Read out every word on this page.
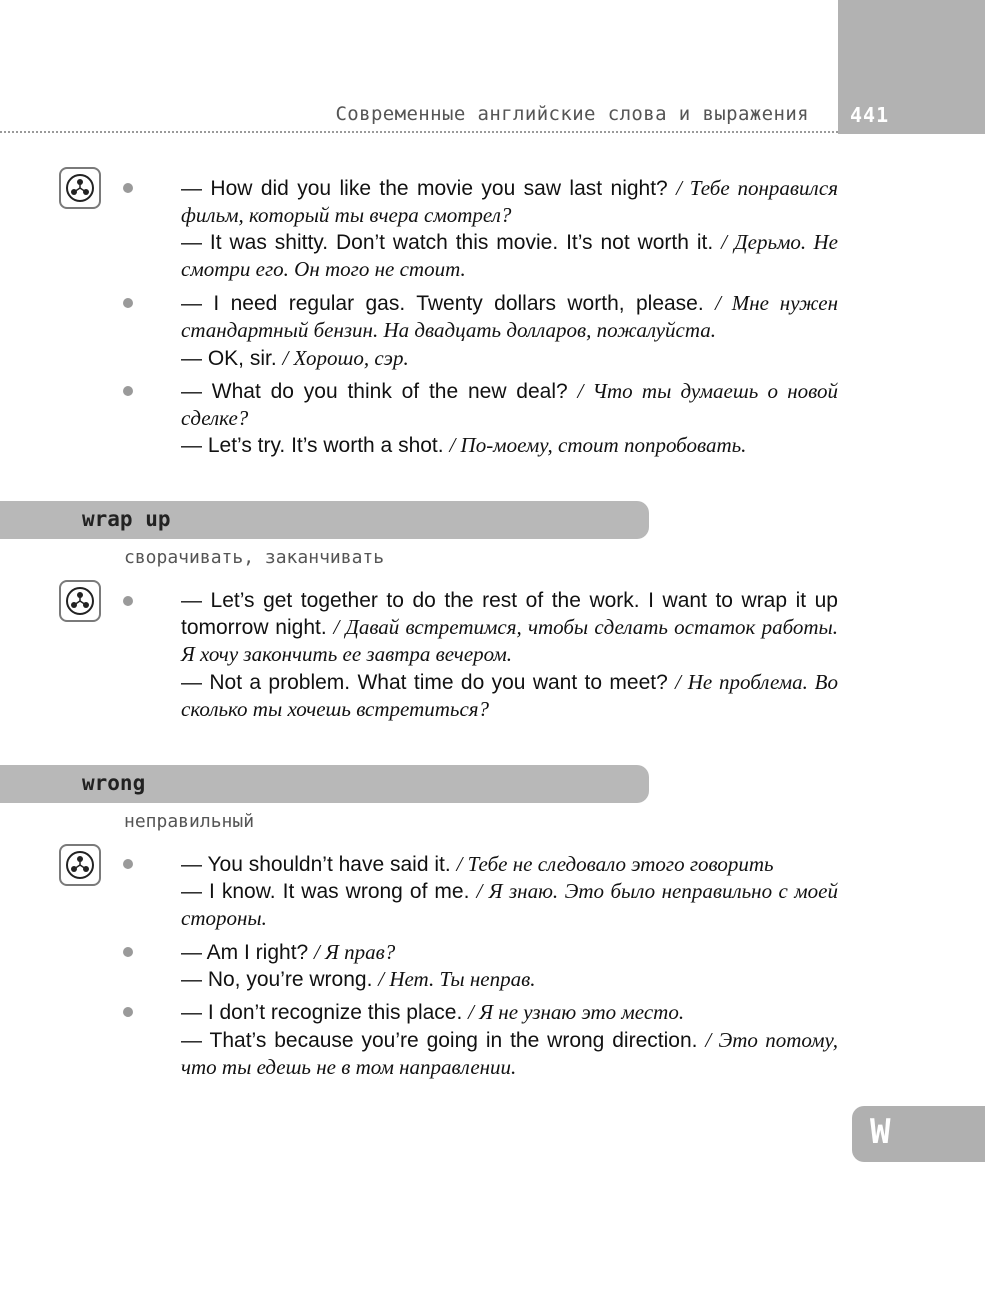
441
Современные английские слова и выражения
— How did you like the movie you saw last night? / Тебе понравился фильм, который ты вчера смотрел?
— It was shitty. Don’t watch this movie. It’s not worth it. / Дерьмо. Не смотри его. Он того не стоит.
— I need regular gas. Twenty dollars worth, please. / Мне нужен стандартный бензин. На двадцать долларов, пожалуйста.
— OK, sir. / Хорошо, сэр.
— What do you think of the new deal? / Что ты думаешь о новой сделке?
— Let’s try. It’s worth a shot. / По-моему, стоит попробовать.
wrap up
сворачивать, заканчивать
— Let’s get together to do the rest of the work. I want to wrap it up tomorrow night. / Давай встретимся, чтобы сделать остаток работы. Я хочу закончить ее завтра вечером.
— Not a problem. What time do you want to meet? / Не проблема. Во сколько ты хочешь встретиться?
wrong
неправильный
— You shouldn’t have said it. / Тебе не следовало этого говорить
— I know. It was wrong of me. / Я знаю. Это было неправильно с моей стороны.
— Am I right? / Я прав?
— No, you’re wrong. / Нет. Ты неправ.
— I don’t recognize this place. / Я не узнаю это место.
— That’s because you’re going in the wrong direction. / Это потому, что ты едешь не в том направлении.
W
